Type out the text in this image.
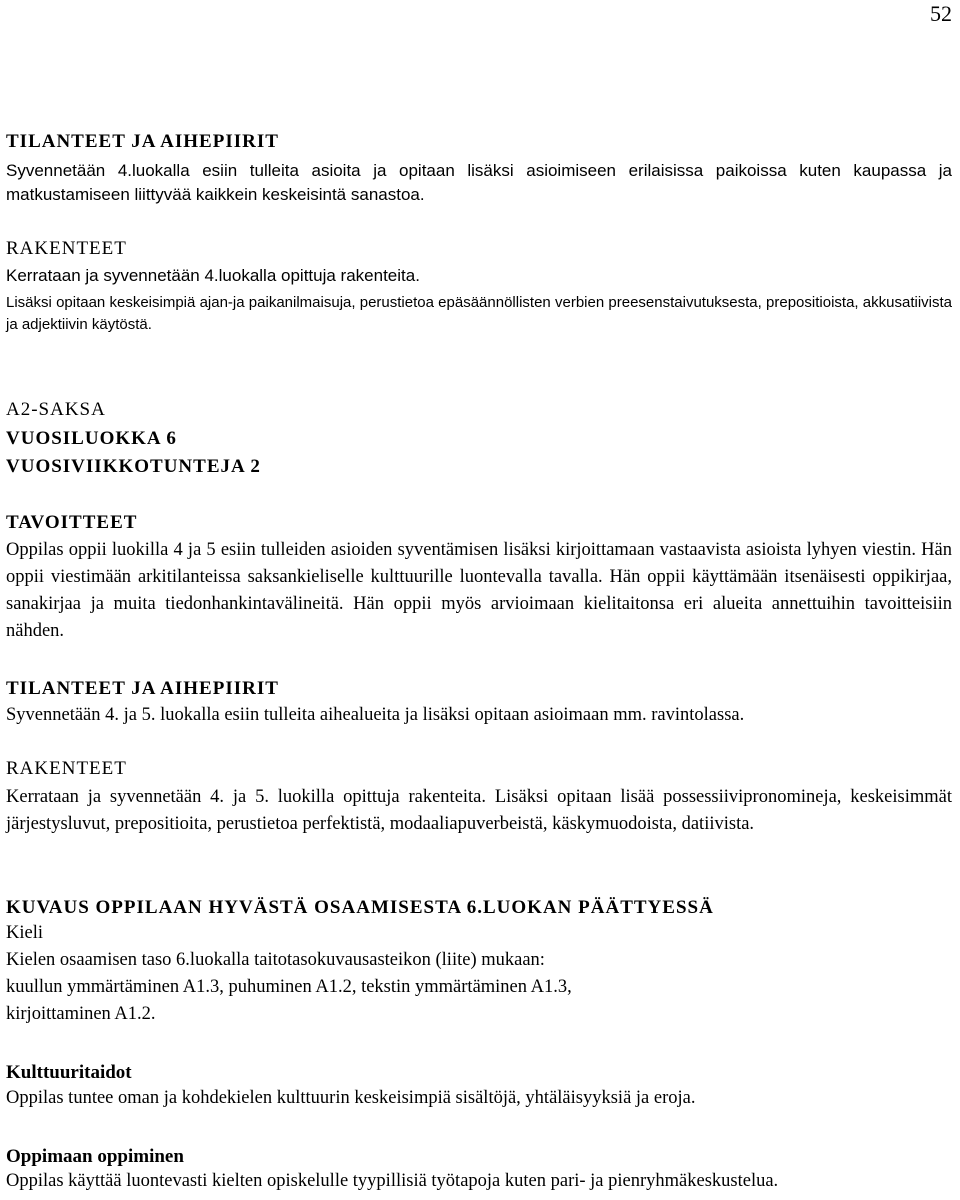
52
TILANTEET JA AIHEPIIRIT
Syvennetään 4.luokalla esiin tulleita asioita ja opitaan lisäksi asioimiseen erilaisissa paikoissa kuten kaupassa ja matkustamiseen liittyvää kaikkein keskeisintä sanastoa.
RAKENTEET
Kerrataan ja syvennetään 4.luokalla opittuja rakenteita.
Lisäksi opitaan keskeisimpiä ajan-ja paikanilmaisuja, perustietoa epäsäännöllisten verbien preesenstaivutuksesta, prepositioista, akkusatiivista ja adjektiivin käytöstä.
A2-SAKSA
VUOSILUOKKA 6
VUOSIVIIKKOTUNTEJA 2
TAVOITTEET
Oppilas oppii luokilla 4 ja 5 esiin tulleiden asioiden syventämisen lisäksi kirjoittamaan vastaavista asioista lyhyen viestin. Hän oppii viestimään arkitilanteissa saksankieliselle kulttuurille luontevalla tavalla. Hän oppii käyttämään itsenäisesti oppikirjaa, sanakirjaa ja muita tiedonhankintavälineitä. Hän oppii myös arvioimaan kielitaitonsa eri alueita annettuihin tavoitteisiin nähden.
TILANTEET JA AIHEPIIRIT
Syvennetään 4. ja 5. luokalla esiin tulleita aihealueita ja lisäksi opitaan asioimaan mm. ravintolassa.
RAKENTEET
Kerrataan ja syvennetään 4. ja 5. luokilla opittuja rakenteita. Lisäksi opitaan lisää possessiivipronomineja, keskeisimmät järjestysluvut, prepositioita, perustietoa perfektistä, modaaliapuverbeistä, käskymuodoista, datiivista.
KUVAUS OPPILAAN HYVÄSTÄ OSAAMISESTA 6.LUOKAN PÄÄTTYESSÄ
Kieli
Kielen osaamisen taso 6.luokalla taitotasokuvausasteikon (liite) mukaan:
kuullun ymmärtäminen A1.3, puhuminen A1.2, tekstin ymmärtäminen A1.3,
kirjoittaminen A1.2.
Kulttuuritaidot
Oppilas tuntee oman ja kohdekielen kulttuurin keskeisimpiä sisältöjä, yhtäläisyyksiä ja eroja.
Oppimaan oppiminen
Oppilas käyttää luontevasti kielten opiskelulle tyypillisiä työtapoja kuten pari- ja pienryhmäkeskustelua.
